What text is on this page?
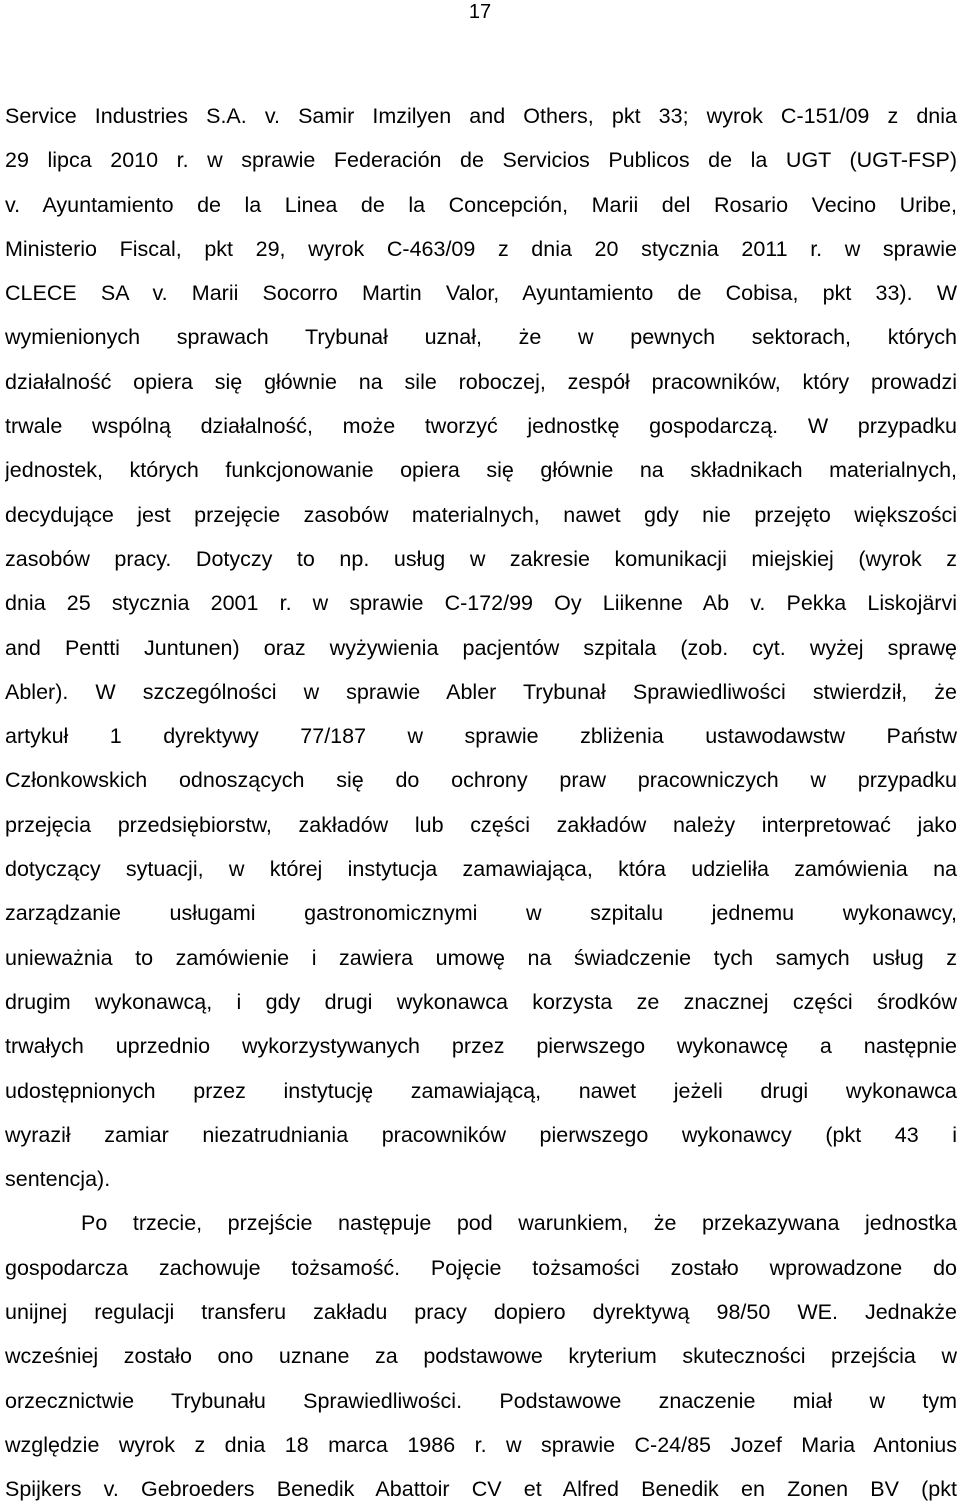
17
Service Industries S.A. v. Samir Imzilyen and Others, pkt 33; wyrok C-151/09 z dnia
29 lipca 2010 r. w sprawie Federación de Servicios Publicos de la UGT (UGT-FSP)
v. Ayuntamiento de la Linea de la Concepción, Marii del Rosario Vecino Uribe,
Ministerio Fiscal, pkt 29, wyrok C-463/09 z dnia 20 stycznia 2011 r. w sprawie
CLECE SA v. Marii Socorro Martin Valor, Ayuntamiento de Cobisa, pkt 33). W
wymienionych sprawach Trybunał uznał, że w pewnych sektorach, których
działalność opiera się głównie na sile roboczej, zespół pracowników, który prowadzi
trwale wspólną działalność, może tworzyć jednostkę gospodarczą. W przypadku
jednostek, których funkcjonowanie opiera się głównie na składnikach materialnych,
decydujące jest przejęcie zasobów materialnych, nawet gdy nie przejęto większości
zasobów pracy. Dotyczy to np. usług w zakresie komunikacji miejskiej (wyrok z
dnia 25 stycznia 2001 r. w sprawie C-172/99 Oy Liikenne Ab v. Pekka Liskojärvi
and Pentti Juntunen) oraz wyżywienia pacjentów szpitala (zob. cyt. wyżej sprawę
Abler). W szczególności w sprawie Abler Trybunał Sprawiedliwości stwierdził, że
artykuł 1 dyrektywy 77/187 w sprawie zbliżenia ustawodawstw Państw
Członkowskich odnoszących się do ochrony praw pracowniczych w przypadku
przejęcia przedsiębiorstw, zakładów lub części zakładów należy interpretować jako
dotyczący sytuacji, w której instytucja zamawiająca, która udzieliła zamówienia na
zarządzanie usługami gastronomicznymi w szpitalu jednemu wykonawcy,
unieważnia to zamówienie i zawiera umowę na świadczenie tych samych usług z
drugim wykonawcą, i gdy drugi wykonawca korzysta ze znacznej części środków
trwałych uprzednio wykorzystywanych przez pierwszego wykonawcę a następnie
udostępnionych przez instytucję zamawiającą, nawet jeżeli drugi wykonawca
wyraził zamiar niezatrudniania pracowników pierwszego wykonawcy (pkt 43 i
sentencja).
Po trzecie, przejście następuje pod warunkiem, że przekazywana jednostka
gospodarcza zachowuje tożsamość. Pojęcie tożsamości zostało wprowadzone do
unijnej regulacji transferu zakładu pracy dopiero dyrektywą 98/50 WE. Jednakże
wcześniej zostało ono uznane za podstawowe kryterium skuteczności przejścia w
orzecznictwie Trybunału Sprawiedliwości. Podstawowe znaczenie miał w tym
względzie wyrok z dnia 18 marca 1986 r. w sprawie C-24/85 Jozef Maria Antonius
Spijkers v. Gebroeders Benedik Abattoir CV et Alfred Benedik en Zonen BV (pkt
